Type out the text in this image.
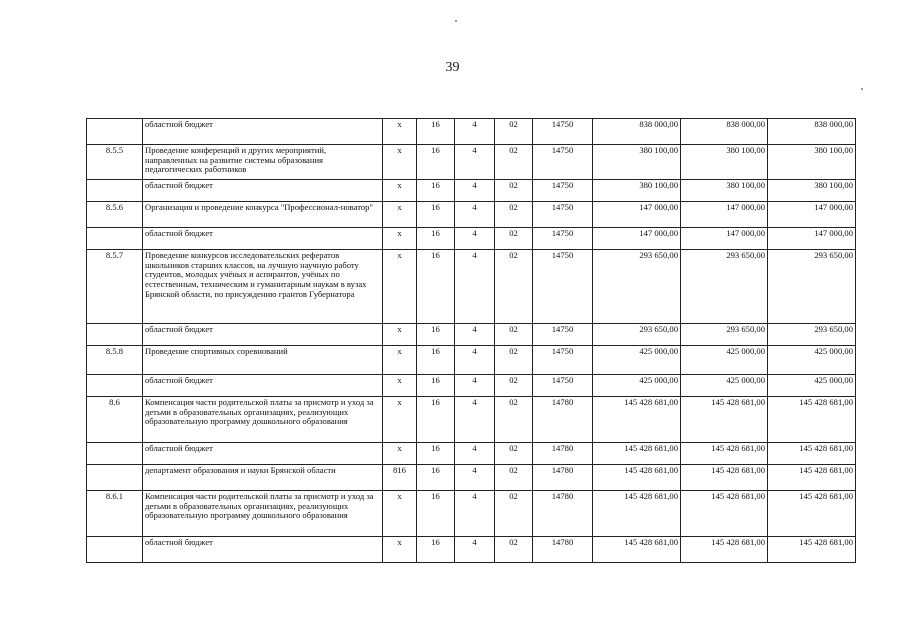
39
	областной бюджет	x	16	4	02	14750	838 000,00	838 000,00	838 000,00
8.5.5	Проведение конференций и других мероприятий, направленных на развитие системы образования педагогических работников	x	16	4	02	14750	380 100,00	380 100,00	380 100,00
	областной бюджет	x	16	4	02	14750	380 100,00	380 100,00	380 100,00
8.5.6	Организация и проведение конкурса "Профессионал-новатор"	x	16	4	02	14750	147 000,00	147 000,00	147 000,00
	областной бюджет	x	16	4	02	14750	147 000,00	147 000,00	147 000,00
8.5.7	Проведение конкурсов исследовательских рефератов школьников старших классов, на лучшую научную работу студентов, молодых учёных и аспирантов, учёных по естественным, техническим и гуманитарным наукам в вузах Брянской области, по присуждению грантов Губернатора	x	16	4	02	14750	293 650,00	293 650,00	293 650,00
	областной бюджет	x	16	4	02	14750	293 650,00	293 650,00	293 650,00
8.5.8	Проведение спортивных соревнований	x	16	4	02	14750	425 000,00	425 000,00	425 000,00
	областной бюджет	x	16	4	02	14750	425 000,00	425 000,00	425 000,00
8.6	Компенсация части родительской платы за присмотр и уход за детьми в образовательных организациях, реализующих образовательную программу дошкольного образования	x	16	4	02	14780	145 428 681,00	145 428 681,00	145 428 681,00
	областной бюджет	x	16	4	02	14780	145 428 681,00	145 428 681,00	145 428 681,00
	департамент образования и науки Брянской области	816	16	4	02	14780	145 428 681,00	145 428 681,00	145 428 681,00
8.6.1	Компенсация части родительской платы за присмотр и уход за детьми в образовательных организациях, реализующих образовательную программу дошкольного образования	x	16	4	02	14780	145 428 681,00	145 428 681,00	145 428 681,00
	областной бюджет	x	16	4	02	14780	145 428 681,00	145 428 681,00	145 428 681,00
